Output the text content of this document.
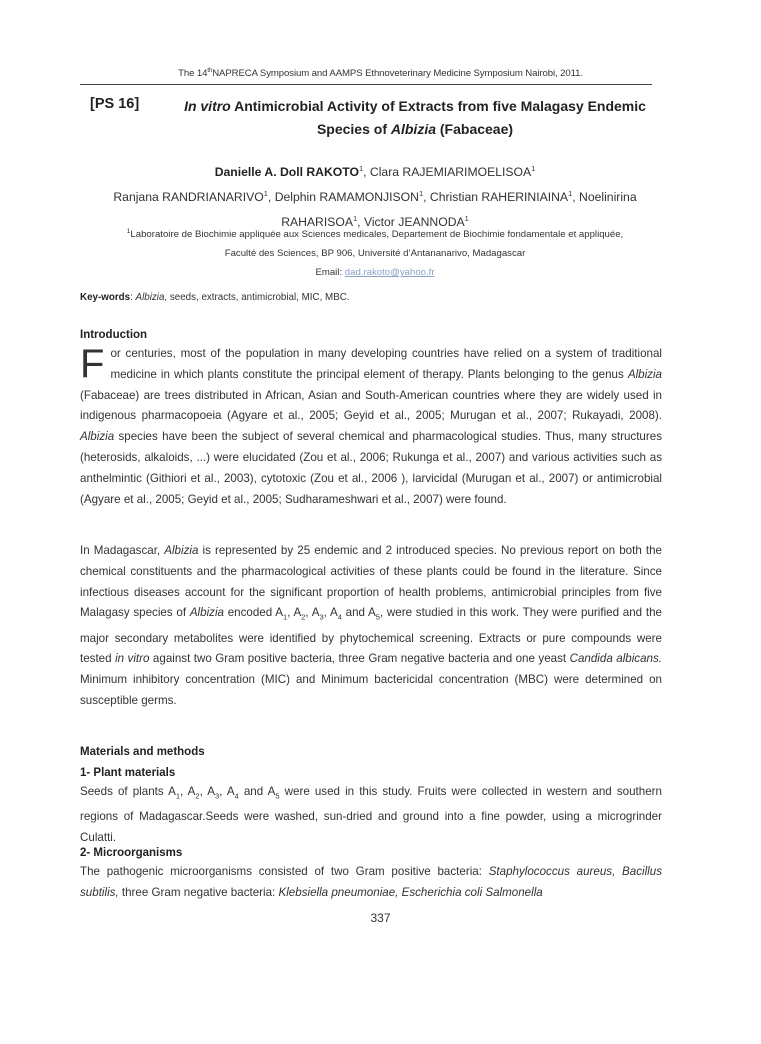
The 14thNAPRECA Symposium and AAMPS Ethnoveterinary Medicine Symposium Nairobi, 2011.
[PS 16]	In vitro Antimicrobial Activity of Extracts from five Malagasy Endemic
Species of Albizia (Fabaceae)
Danielle A. Doll RAKOTO$^1$, Clara RAJEMIARIMOELISOA$^1$
Ranjana RANDRIANARIVO$^1$, Delphin RAMAMONJISON$^1$, Christian RAHERINIAINA$^1$, Noelinirina
RAHARISOA$^1$, Victor JEANNODA$^1$
$^1$Laboratoire de Biochimie appliquée aux Sciences medicales, Departement de Biochimie fondamentale et appliquée,
Faculté des Sciences, BP 906, Université d’Antananarivo, Madagascar
Email: dad.rakoto@yahoo.fr
Key-words: Albizia, seeds, extracts, antimicrobial, MIC, MBC.
Introduction

For centuries, most of the population in many developing countries have relied on a system of traditional medicine in which plants constitute the principal element of therapy. Plants belonging to the genus Albizia (Fabaceae) are trees distributed in African, Asian and South-American countries where they are widely used in indigenous pharmacopoeia (Agyare et al., 2005; Geyid et al., 2005; Murugan et al., 2007; Rukayadi, 2008). Albizia species have been the subject of several chemical and pharmacological studies. Thus, many structures (heterosids, alkaloids, ...) were elucidated (Zou et al., 2006; Rukunga et al., 2007) and various activities such as anthelmintic (Githiori et al., 2003), cytotoxic (Zou et al., 2006 ), larvicidal (Murugan et al., 2007) or antimicrobial (Agyare et al., 2005; Geyid et al., 2005; Sudharameshwari et al., 2007) were found.

In Madagascar, Albizia is represented by 25 endemic and 2 introduced species. No previous report on both the chemical constituents and the pharmacological activities of these plants could be found in the literature. Since infectious diseases account for the significant proportion of health problems, antimicrobial principles from five Malagasy species of Albizia encoded $A_1$, $A_2$, $A_3$, $A_4$ and $A_5$, were studied in this work. They were purified and the major secondary metabolites were identified by phytochemical screening. Extracts or pure compounds were tested in vitro against two Gram positive bacteria, three Gram negative bacteria and one yeast Candida albicans. Minimum inhibitory concentration (MIC) and Minimum bactericidal concentration (MBC) were determined on susceptible germs.

Materials and methods
1- Plant materials

Seeds of plants $A_1$, $A_2$, $A_3$, $A_4$ and $A_5$ were used in this study. Fruits were collected in western and southern regions of Madagascar.Seeds were washed, sun-dried and ground into a fine powder, using a microgrinder Culatti.

2- Microorganisms

The pathogenic microorganisms consisted of two Gram positive bacteria: Staphylococcus aureus, Bacillus subtilis, three Gram negative bacteria: Klebsiella pneumoniae, Escherichia coli Salmonella

337
